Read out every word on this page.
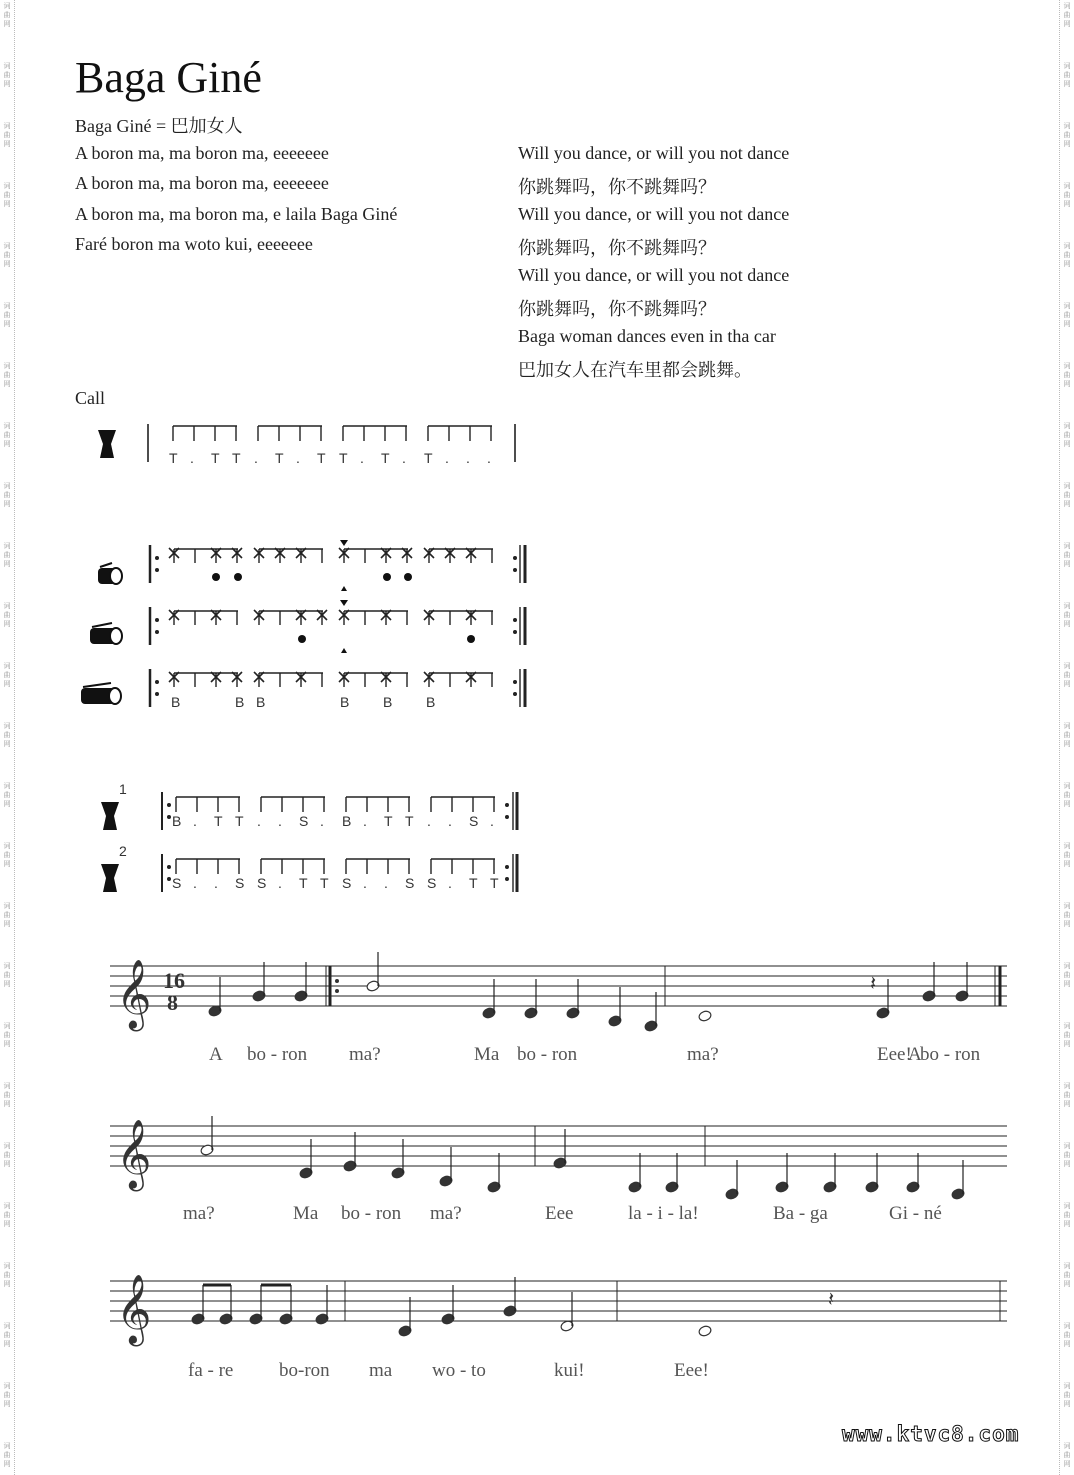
词
曲
网
词
曲
网
词
曲
网
词
曲
网
词
曲
网
词
曲
网
词
曲
网
词
曲
网
词
曲
网
词
曲
网
词
曲
网
词
曲
网
词
曲
网
词
曲
网
词
曲
网
词
曲
网
词
曲
网
词
曲
网
词
曲
网
词
曲
网
词
曲
网
词
曲
网
词
曲
网
词
曲
网
词
曲
网
词
曲
网
词
曲
网
词
曲
网
词
曲
网
词
曲
网
词
曲
网
词
曲
网
词
曲
网
词
曲
网
词
曲
网
词
曲
网
词
曲
网
词
曲
网
词
曲
网
词
曲
网
词
曲
网
词
曲
网
词
曲
网
词
曲
网
词
曲
网
词
曲
网
词
曲
网
词
曲
网
词
曲
网
词
曲
网
Baga Giné
Baga Giné = 巴加女人
A boron ma, ma boron ma, eeeeeee
A boron ma, ma boron ma, eeeeeee
A boron ma, ma boron ma, e laila Baga Giné
Faré boron ma woto kui, eeeeeee
Will you dance, or will you not dance
你跳舞吗，你不跳舞吗？
Will you dance, or will you not dance
你跳舞吗，你不跳舞吗？
Will you dance, or will you not dance
你跳舞吗，你不跳舞吗？
Baga woman dances even in tha car
巴加女人在汽车里都会跳舞。
Call
T . T T . T . T T . T . T . . .
B	B B	B B B
1
2
B . T T . . S . B . T T . . S .
S . . S S . T T S . . S S . T T
𝄞 16
8
𝄽
A bo - ron ma?	Ma bo - ron	ma?	Eee!
A
bo - ron
𝄞
ma?	Ma bo - ron ma?	Eee	la - i - la!	Ba - ga	Gi - né
𝄞	𝄽
fa - re bo-ron ma wo - to	kui!	Eee!
www.ktvc8.com
